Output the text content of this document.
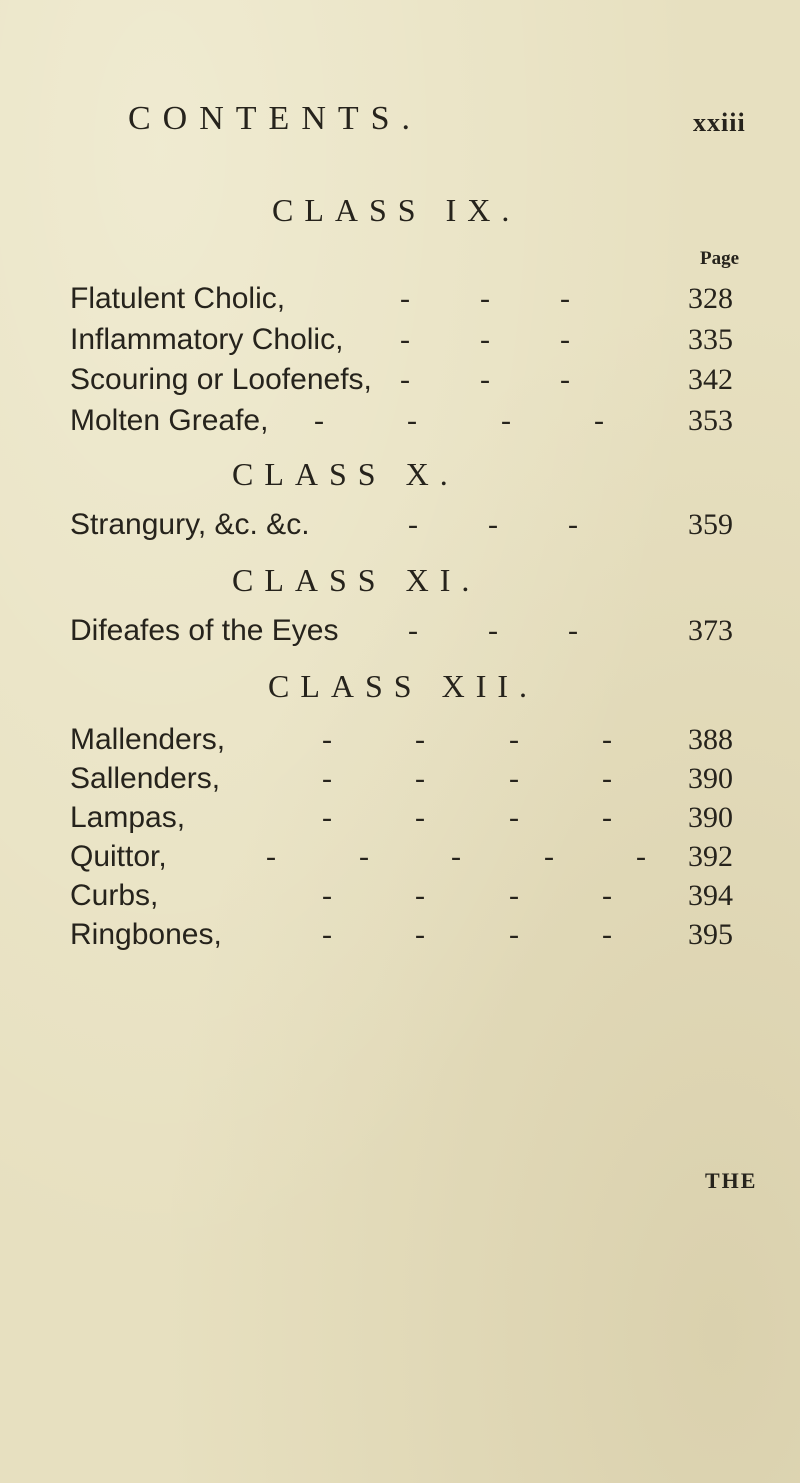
CONTENTS.	xxiii
CLASS IX.
Page
Flatulent Cholic,	- - -	328
Inflammatory Cholic, - - -	335
Scouring or Loofenefs, - - -	342
Molten Greafe, -	-	-	-	353
CLASS X.
Strangury, &c. &c.	- - -	359
CLASS XI.
Difeafes of the Eyes - - -	373
CLASS XII.
Mallenders,	-	-	-	-	388
Sallenders,	-	-	-	-	390
Lampas,	-	-	-	-	390
Quittor,	-	-	-	-	- 392
Curbs,	-	-	-	-	394
Ringbones,	-	-	-	-	395
THE
